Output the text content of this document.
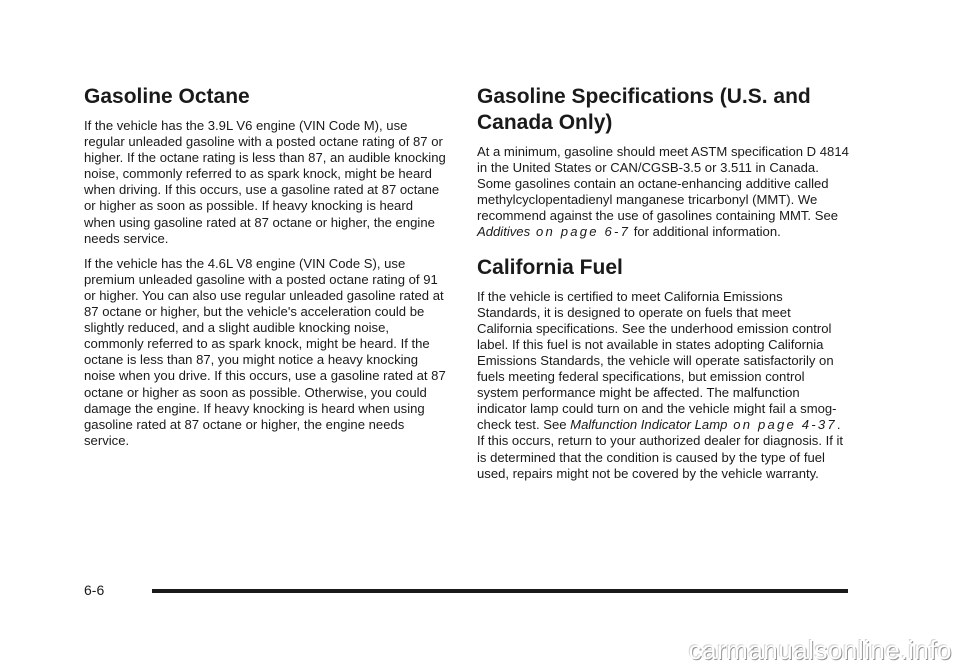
Gasoline Octane

If the vehicle has the 3.9L V6 engine (VIN Code M), use regular unleaded gasoline with a posted octane rating of 87 or higher. If the octane rating is less than 87, an audible knocking noise, commonly referred to as spark knock, might be heard when driving. If this occurs, use a gasoline rated at 87 octane or higher as soon as possible. If heavy knocking is heard when using gasoline rated at 87 octane or higher, the engine needs service.

If the vehicle has the 4.6L V8 engine (VIN Code S), use premium unleaded gasoline with a posted octane rating of 91 or higher. You can also use regular unleaded gasoline rated at 87 octane or higher, but the vehicle's acceleration could be slightly reduced, and a slight audible knocking noise, commonly referred to as spark knock, might be heard. If the octane is less than 87, you might notice a heavy knocking noise when you drive. If this occurs, use a gasoline rated at 87 octane or higher as soon as possible. Otherwise, you could damage the engine. If heavy knocking is heard when using gasoline rated at 87 octane or higher, the engine needs service.

Gasoline Specifications (U.S. and Canada Only)

At a minimum, gasoline should meet ASTM specification D 4814 in the United States or CAN/CGSB-3.5 or 3.511 in Canada. Some gasolines contain an octane-enhancing additive called methylcyclopentadienyl manganese tricarbonyl (MMT). We recommend against the use of gasolines containing MMT. See Additives on page 6-7 for additional information.

California Fuel

If the vehicle is certified to meet California Emissions Standards, it is designed to operate on fuels that meet California specifications. See the underhood emission control label. If this fuel is not available in states adopting California Emissions Standards, the vehicle will operate satisfactorily on fuels meeting federal specifications, but emission control system performance might be affected. The malfunction indicator lamp could turn on and the vehicle might fail a smog-check test. See Malfunction Indicator Lamp on page 4-37. If this occurs, return to your authorized dealer for diagnosis. If it is determined that the condition is caused by the type of fuel used, repairs might not be covered by the vehicle warranty.

6-6
carmanualsonline.info
